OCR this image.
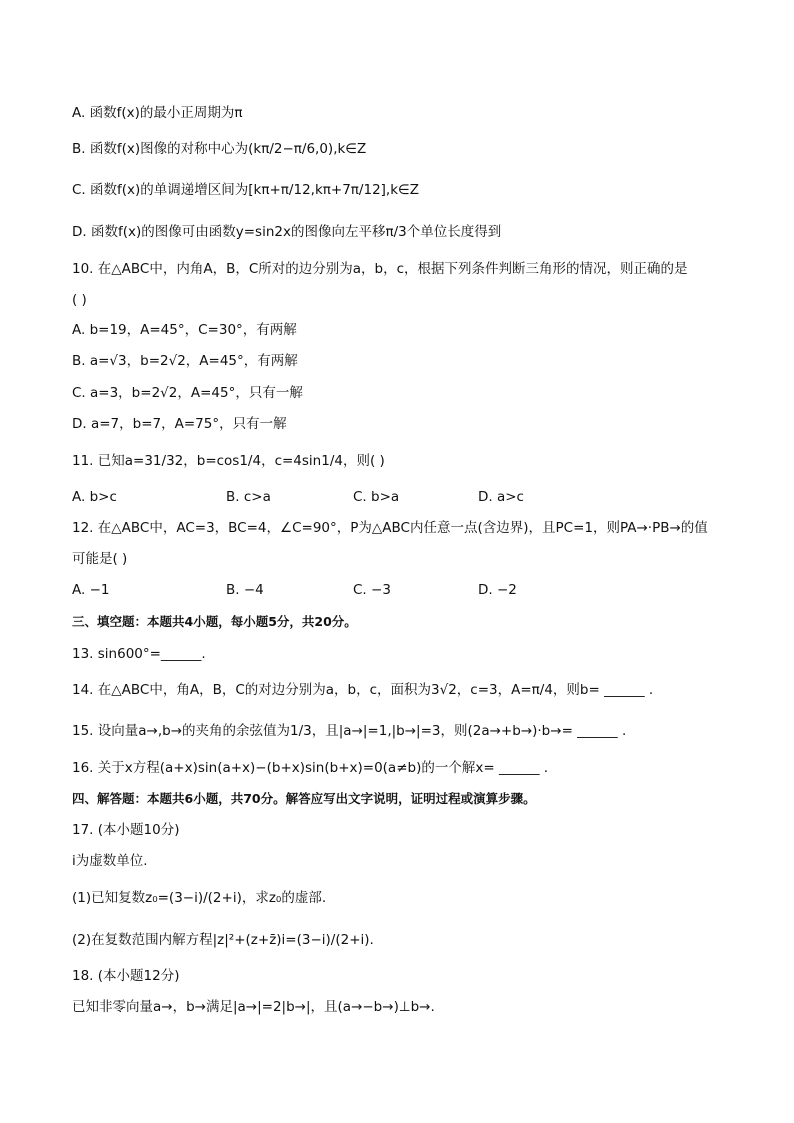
A. 函数f(x)的最小正周期为π
B. 函数f(x)图像的对称中心为(kπ/2−π/6,0),k∈Z
C. 函数f(x)的单调递增区间为[kπ+π/12,kπ+7π/12],k∈Z
D. 函数f(x)的图像可由函数y=sin2x的图像向左平移π/3个单位长度得到
10. 在△ABC中，内角A，B，C所对的边分别为a，b，c，根据下列条件判断三角形的情况，则正确的是
( )
A. b=19，A=45°，C=30°，有两解
B. a=√3，b=2√2，A=45°，有两解
C. a=3，b=2√2，A=45°，只有一解
D. a=7，b=7，A=75°，只有一解
11. 已知a=31/32，b=cos1/4，c=4sin1/4，则( )
A. b>c	B. c>a	C. b>a	D. a>c
12. 在△ABC中，AC=3，BC=4，∠C=90°，P为△ABC内任意一点(含边界)，且PC=1，则PA→·PB→的值
可能是( )
A. −1	B. −4	C. −3	D. −2
三、填空题：本题共4小题，每小题5分，共20分。
13. sin600°=______.
14. 在△ABC中，角A，B，C的对边分别为a，b，c，面积为3√2，c=3，A=π/4，则b= ______ .
15. 设向量a→,b→的夹角的余弦值为1/3，且|a→|=1,|b→|=3，则(2a→+b→)·b→= ______ .
16. 关于x方程(a+x)sin(a+x)−(b+x)sin(b+x)=0(a≠b)的一个解x= ______ .
四、解答题：本题共6小题，共70分。解答应写出文字说明，证明过程或演算步骤。
17. (本小题10分)
i为虚数单位.
(1)已知复数z₀=(3−i)/(2+i)，求z₀的虚部.
(2)在复数范围内解方程|z|²+(z+z̄)i=(3−i)/(2+i).
18. (本小题12分)
已知非零向量a→，b→满足|a→|=2|b→|，且(a→−b→)⊥b→.
